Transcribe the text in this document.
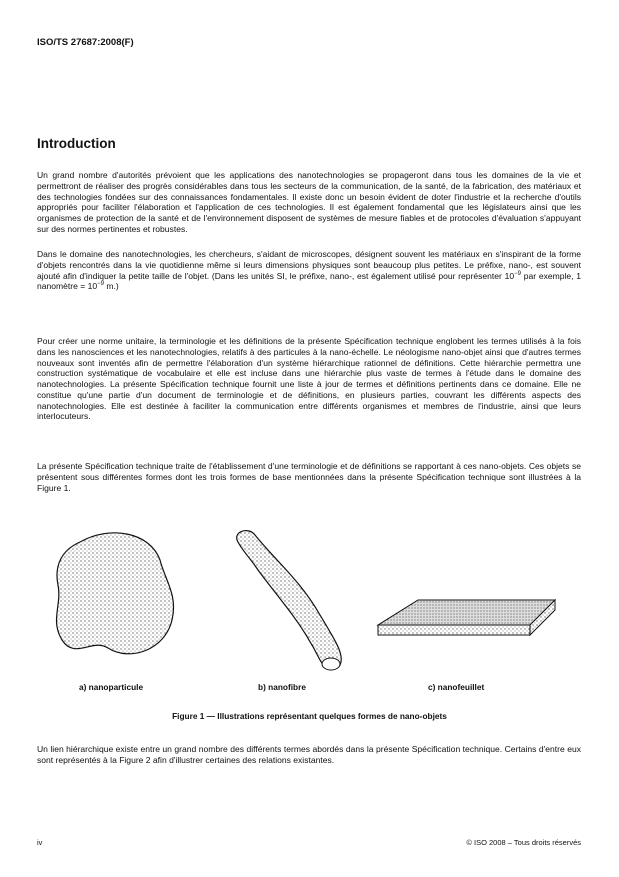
ISO/TS 27687:2008(F)
Introduction
Un grand nombre d'autorités prévoient que les applications des nanotechnologies se propageront dans tous les domaines de la vie et permettront de réaliser des progrès considérables dans tous les secteurs de la communication, de la santé, de la fabrication, des matériaux et des technologies fondées sur des connaissances fondamentales. Il existe donc un besoin évident de doter l'industrie et la recherche d'outils appropriés pour faciliter l'élaboration et l'application de ces technologies. Il est également fondamental que les législateurs ainsi que les organismes de protection de la santé et de l'environnement disposent de systèmes de mesure fiables et de protocoles d'évaluation s'appuyant sur des normes pertinentes et robustes.
Dans le domaine des nanotechnologies, les chercheurs, s'aidant de microscopes, désignent souvent les matériaux en s'inspirant de la forme d'objets rencontrés dans la vie quotidienne même si leurs dimensions physiques sont beaucoup plus petites. Le préfixe, nano-, est souvent ajouté afin d'indiquer la petite taille de l'objet. (Dans les unités SI, le préfixe, nano-, est également utilisé pour représenter $10^{-9}$ par exemple, 1 nanomètre = $10^{-9}$ m.)
Pour créer une norme unitaire, la terminologie et les définitions de la présente Spécification technique englobent les termes utilisés à la fois dans les nanosciences et les nanotechnologies, relatifs à des particules à la nano-échelle. Le néologisme nano-objet ainsi que d'autres termes nouveaux sont inventés afin de permettre l'élaboration d'un système hiérarchique rationnel de définitions. Cette hiérarchie permettra une construction systématique de vocabulaire et elle est incluse dans une hiérarchie plus vaste de termes à l'étude dans le domaine des nanotechnologies. La présente Spécification technique fournit une liste à jour de termes et définitions pertinents dans ce domaine. Elle ne constitue qu'une partie d'un document de terminologie et de définitions, en plusieurs parties, couvrant les différents aspects des nanotechnologies. Elle est destinée à faciliter la communication entre différents organismes et membres de l'industrie, ainsi que leurs interlocuteurs.
La présente Spécification technique traite de l'établissement d'une terminologie et de définitions se rapportant à ces nano-objets. Ces objets se présentent sous différentes formes dont les trois formes de base mentionnées dans la présente Spécification technique sont illustrées à la Figure 1.
a) nanoparticule	b) nanofibre	c) nanofeuillet
Figure 1 — Illustrations représentant quelques formes de nano-objets
Un lien hiérarchique existe entre un grand nombre des différents termes abordés dans la présente Spécification technique. Certains d'entre eux sont représentés à la Figure 2 afin d'illustrer certaines des relations existantes.
iv	© ISO 2008 – Tous droits réservés
